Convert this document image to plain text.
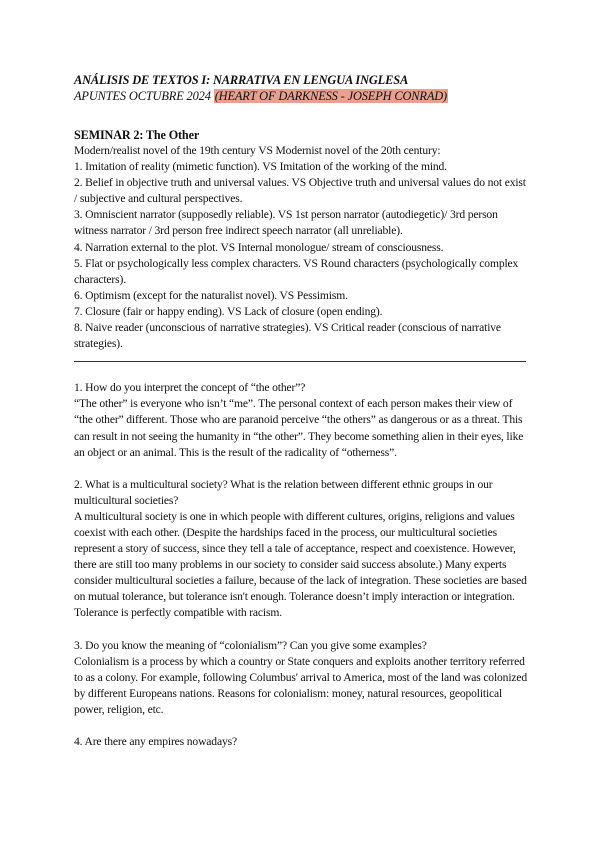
ANÁLISIS DE TEXTOS I: NARRATIVA EN LENGUA INGLESA
APUNTES OCTUBRE 2024 (HEART OF DARKNESS - JOSEPH CONRAD)
SEMINAR 2: The Other

Modern/realist novel of the 19th century VS Modernist novel of the 20th century:

1. Imitation of reality (mimetic function). VS Imitation of the working of the mind.

2. Belief in objective truth and universal values. VS Objective truth and universal values do not exist / subjective and cultural perspectives.

3. Omniscient narrator (supposedly reliable). VS 1st person narrator (autodiegetic)/ 3rd person witness narrator / 3rd person free indirect speech narrator (all unreliable).

4. Narration external to the plot. VS Internal monologue/ stream of consciousness.

5. Flat or psychologically less complex characters. VS Round characters (psychologically complex characters).

6. Optimism (except for the naturalist novel). VS Pessimism.

7. Closure (fair or happy ending). VS Lack of closure (open ending).

8. Naive reader (unconscious of narrative strategies). VS Critical reader (conscious of narrative strategies).

1. How do you interpret the concept of “the other”?

“The other” is everyone who isn’t “me”. The personal context of each person makes their view of “the other” different. Those who are paranoid perceive “the others” as dangerous or as a threat. This can result in not seeing the humanity in “the other”. They become something alien in their eyes, like an object or an animal. This is the result of the radicality of “otherness”.

2. What is a multicultural society? What is the relation between different ethnic groups in our multicultural societies?

A multicultural society is one in which people with different cultures, origins, religions and values coexist with each other. (Despite the hardships faced in the process, our multicultural societies represent a story of success, since they tell a tale of acceptance, respect and coexistence. However, there are still too many problems in our society to consider said success absolute.) Many experts consider multicultural societies a failure, because of the lack of integration. These societies are based on mutual tolerance, but tolerance isn't enough. Tolerance doesn’t imply interaction or integration. Tolerance is perfectly compatible with racism.

3. Do you know the meaning of “colonialism”? Can you give some examples?

Colonialism is a process by which a country or State conquers and exploits another territory referred to as a colony. For example, following Columbus' arrival to America, most of the land was colonized by different Europeans nations. Reasons for colonialism: money, natural resources, geopolitical power, religion, etc.

4. Are there any empires nowadays?
